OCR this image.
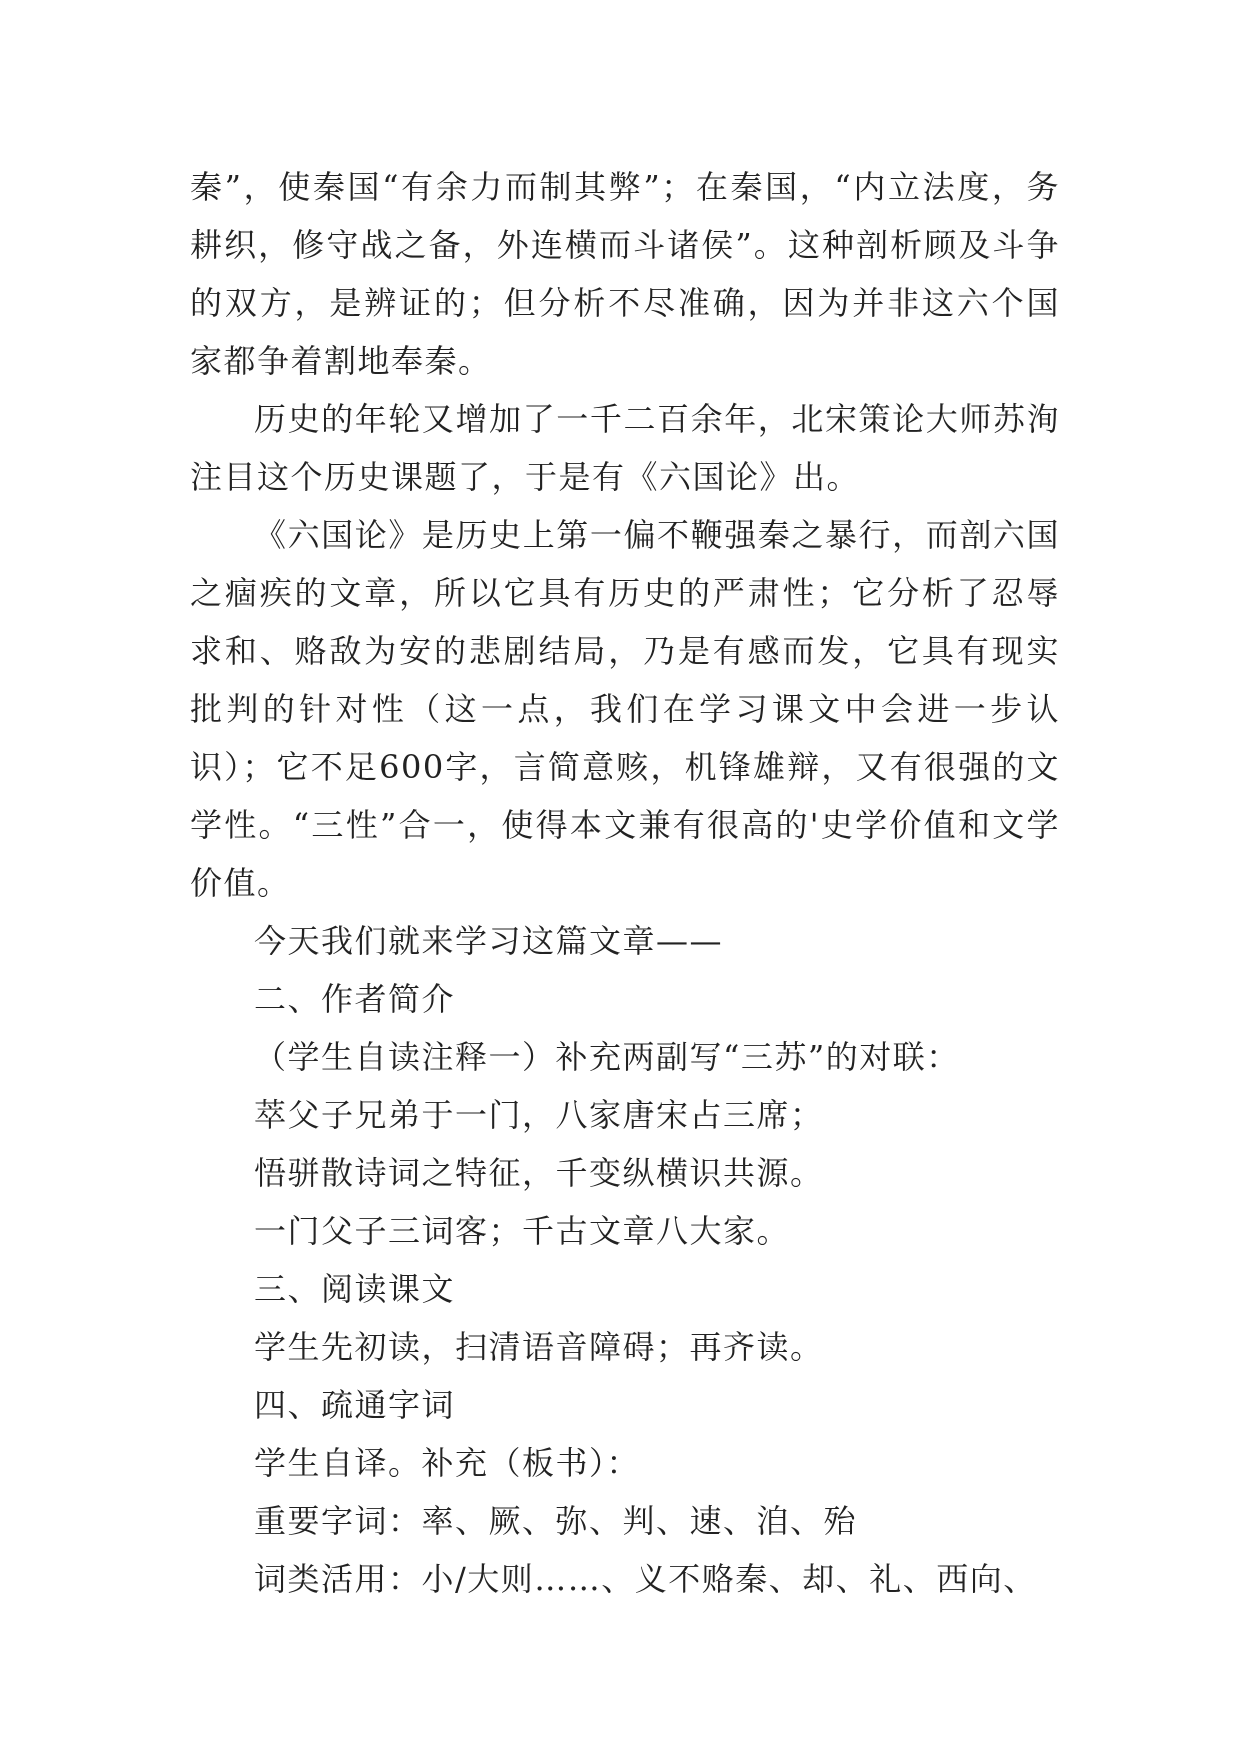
秦”，使秦国“有余力而制其弊”；在秦国，“内立法度，务耕织，修守战之备，外连横而斗诸侯”。这种剖析顾及斗争的双方，是辨证的；但分析不尽准确，因为并非这六个国家都争着割地奉秦。

历史的年轮又增加了一千二百余年，北宋策论大师苏洵注目这个历史课题了，于是有《六国论》出。

《六国论》是历史上第一偏不鞭强秦之暴行，而剖六国之痼疾的文章，所以它具有历史的严肃性；它分析了忍辱求和、赂敌为安的悲剧结局，乃是有感而发，它具有现实批判的针对性（这一点，我们在学习课文中会进一步认识）；它不足600字，言简意赅，机锋雄辩，又有很强的文学性。“三性”合一，使得本文兼有很高的'史学价值和文学价值。

今天我们就来学习这篇文章——

二、作者简介

（学生自读注释一）补充两副写“三苏”的对联：

萃父子兄弟于一门，八家唐宋占三席；

悟骈散诗词之特征，千变纵横识共源。

一门父子三词客；千古文章八大家。

三、阅读课文

学生先初读，扫清语音障碍；再齐读。

四、疏通字词

学生自译。补充（板书）：

重要字词：率、厥、弥、判、速、洎、殆

词类活用：小/大则……、义不赂秦、却、礼、西向、
